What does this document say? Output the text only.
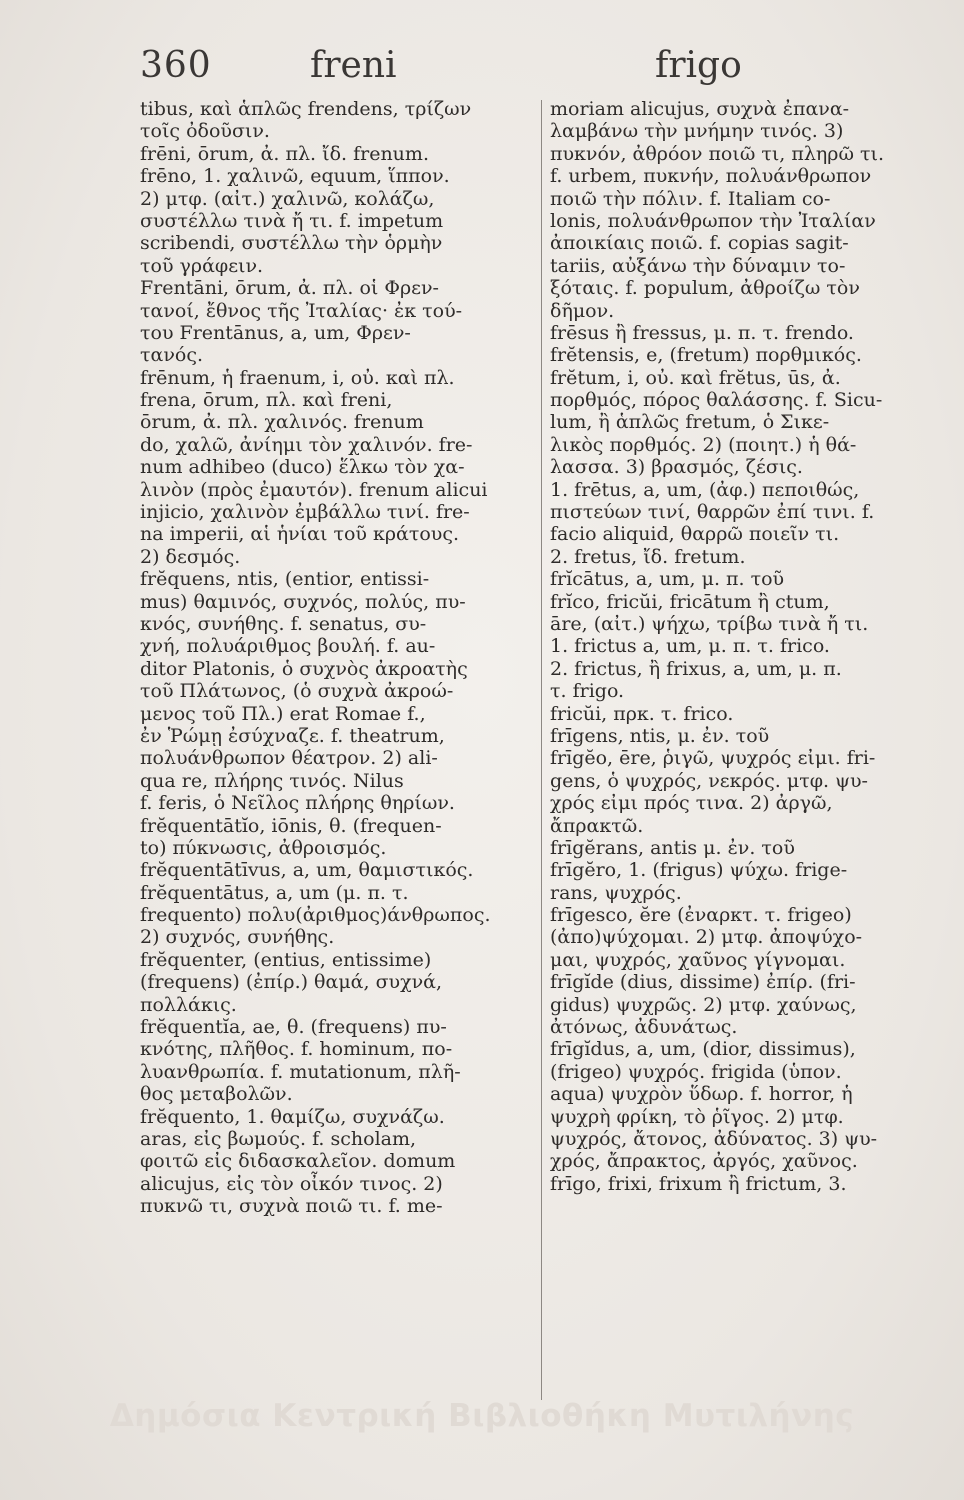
360	freni	frigo
tibus, καὶ ἁπλῶς frendens, τρίζων
τοῖς ὀδοῦσιν.
frēni, ōrum, ἀ. πλ. ἴδ. frenum.
frēno, 1. χαλινῶ, equum, ἵππον.
2) μτφ. (αἰτ.) χαλινῶ, κολάζω,
συστέλλω τινὰ ἤ τι. f. impetum
scribendi, συστέλλω τὴν ὁρμὴν
τοῦ γράφειν.
Frentāni, ōrum, ἀ. πλ. οἱ Φρεν-
τανοί, ἔθνος τῆς Ἰταλίας· ἐκ τού-
του Frentānus, a, um, Φρεν-
τανός.
frēnum, ἡ fraenum, i, οὐ. καὶ πλ.
frena, ōrum, πλ. καὶ freni,
ōrum, ἀ. πλ. χαλινός. frenum
do, χαλῶ, ἀνίημι τὸν χαλινόν. fre-
num adhibeo (duco) ἕλκω τὸν χα-
λινὸν (πρὸς ἐμαυτόν). frenum alicui
injicio, χαλινὸν ἐμβάλλω τινί. fre-
na imperii, αἱ ἡνίαι τοῦ κράτους.
2) δεσμός.
frĕquens, ntis, (entior, entissi-
mus) θαμινός, συχνός, πολύς, πυ-
κνός, συνήθης. f. senatus, συ-
χνή, πολυάριθμος βουλή. f. au-
ditor Platonis, ὁ συχνὸς ἀκροατὴς
τοῦ Πλάτωνος, (ὁ συχνὰ ἀκροώ-
μενος τοῦ Πλ.) erat Romae f.,
ἐν Ῥώμῃ ἐσύχναζε. f. theatrum,
πολυάνθρωπον θέατρον. 2) ali-
qua re, πλήρης τινός. Nilus
f. feris, ὁ Νεῖλος πλήρης θηρίων.
frĕquentātĭo, iōnis, θ. (frequen-
to) πύκνωσις, ἀθροισμός.
frĕquentātīvus, a, um, θαμιστικός.
frĕquentātus, a, um (μ. π. τ.
frequento) πολυ(ἀριθμος)άνθρωπος.
2) συχνός, συνήθης.
frĕquenter, (entius, entissime)
(frequens) (ἐπίρ.) θαμά, συχνά,
πολλάκις.
frĕquentĭa, ae, θ. (frequens) πυ-
κνότης, πλῆθος. f. hominum, πο-
λυανθρωπία. f. mutationum, πλῆ-
θος μεταβολῶν.
frĕquento, 1. θαμίζω, συχνάζω.
aras, εἰς βωμούς. f. scholam,
φοιτῶ εἰς διδασκαλεῖον. domum
alicujus, εἰς τὸν οἶκόν τινος. 2)
πυκνῶ τι, συχνὰ ποιῶ τι. f. me-
moriam alicujus, συχνὰ ἐπανα-
λαμβάνω τὴν μνήμην τινός. 3)
πυκνόν, ἀθρόον ποιῶ τι, πληρῶ τι.
f. urbem, πυκνήν, πολυάνθρωπον
ποιῶ τὴν πόλιν. f. Italiam co-
lonis, πολυάνθρωπον τὴν Ἰταλίαν
ἀποικίαις ποιῶ. f. copias sagit-
tariis, αὐξάνω τὴν δύναμιν το-
ξόταις. f. populum, ἀθροίζω τὸν
δῆμον.
frēsus ἢ fressus, μ. π. τ. frendo.
frĕtensis, e, (fretum) πορθμικός.
frĕtum, i, οὐ. καὶ frĕtus, ūs, ἀ.
πορθμός, πόρος θαλάσσης. f. Sicu-
lum, ἢ ἁπλῶς fretum, ὁ Σικε-
λικὸς πορθμός. 2) (ποιητ.) ἡ θά-
λασσα. 3) βρασμός, ζέσις.
1. frētus, a, um, (ἀφ.) πεποιθώς,
πιστεύων τινί, θαρρῶν ἐπί τινι. f.
facio aliquid, θαρρῶ ποιεῖν τι.
2. fretus, ἴδ. fretum.
frĭcātus, a, um, μ. π. τοῦ
frĭco, fricŭi, fricātum ἢ ctum,
āre, (αἰτ.) ψήχω, τρίβω τινὰ ἤ τι.
1. frictus a, um, μ. π. τ. frico.
2. frictus, ἢ frixus, a, um, μ. π.
τ. frigo.
fricŭi, πρκ. τ. frico.
frīgens, ntis, μ. ἐν. τοῦ
frīgĕo, ēre, ῥιγῶ, ψυχρός εἰμι. fri-
gens, ὁ ψυχρός, νεκρός. μτφ. ψυ-
χρός εἰμι πρός τινα. 2) ἀργῶ,
ἄπρακτῶ.
frīgĕrans, antis μ. ἐν. τοῦ
frīgĕro, 1. (frigus) ψύχω. frige-
rans, ψυχρός.
frīgesco, ĕre (ἐναρκτ. τ. frigeo)
(ἀπο)ψύχομαι. 2) μτφ. ἀποψύχο-
μαι, ψυχρός, χαῦνος γίγνομαι.
frīgĭde (dius, dissime) ἐπίρ. (fri-
gidus) ψυχρῶς. 2) μτφ. χαύνως,
ἀτόνως, ἀδυνάτως.
frīgĭdus, a, um, (dior, dissimus),
(frigeo) ψυχρός. frigida (ὑπον.
aqua) ψυχρὸν ὕδωρ. f. horror, ἡ
ψυχρὴ φρίκη, τὸ ῥῖγος. 2) μτφ.
ψυχρός, ἄτονος, ἀδύνατος. 3) ψυ-
χρός, ἄπρακτος, ἀργός, χαῦνος.
frīgo, frixi, frixum ἢ frictum, 3.
Δημόσια Κεντρική Βιβλιοθήκη Μυτιλήνης
